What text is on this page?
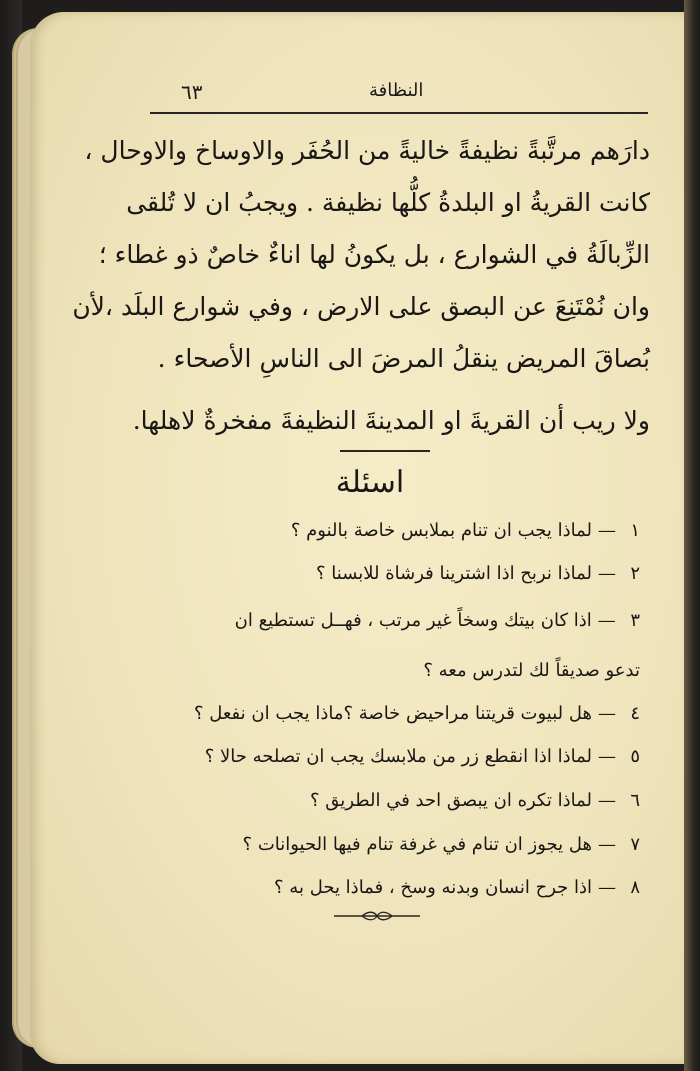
٦٣	النظافة
دارَهم مرتَّبةً نظيفةً خاليةً من الحُفَر والاوساخ والاوحال ،
كانت القريةُ او البلدةُ كلُّها نظيفة . ويجبُ ان لا تُلقى
الزِّبالَةُ في الشوارع ، بل يكونُ لها اناءٌ خاصٌ ذو غطاء ؛
وان نُمْتَنِعَ عن البصق على الارض ، وفي شوارع البلَد ،لأن
بُصاقَ المريض ينقلُ المرضَ الى الناسِ الأصحاء .
ولا ريب أن القريةَ او المدينةَ النظيفةَ مفخرةٌ لاهلها.
اسئلة
١—لماذا يجب ان تنام بملابس خاصة بالنوم ؟
٢—لماذا نربح اذا اشترينا فرشاة للابسنا ؟
٣—اذا كان بيتك وسخاً غير مرتب ، فهــل تستطيع ان
تدعو صديقاً لك لتدرس معه ؟
٤—هل لبيوت قريتنا مراحيض خاصة ؟ماذا يجب ان نفعل ؟
٥—لماذا اذا انقطع زر من ملابسك يجب ان تصلحه حالا ؟
٦—لماذا تكره ان يبصق احد في الطريق ؟
٧—هل يجوز ان تنام في غرفة تنام فيها الحيوانات ؟
٨—اذا جرح انسان وبدنه وسخ ، فماذا يحل به ؟
